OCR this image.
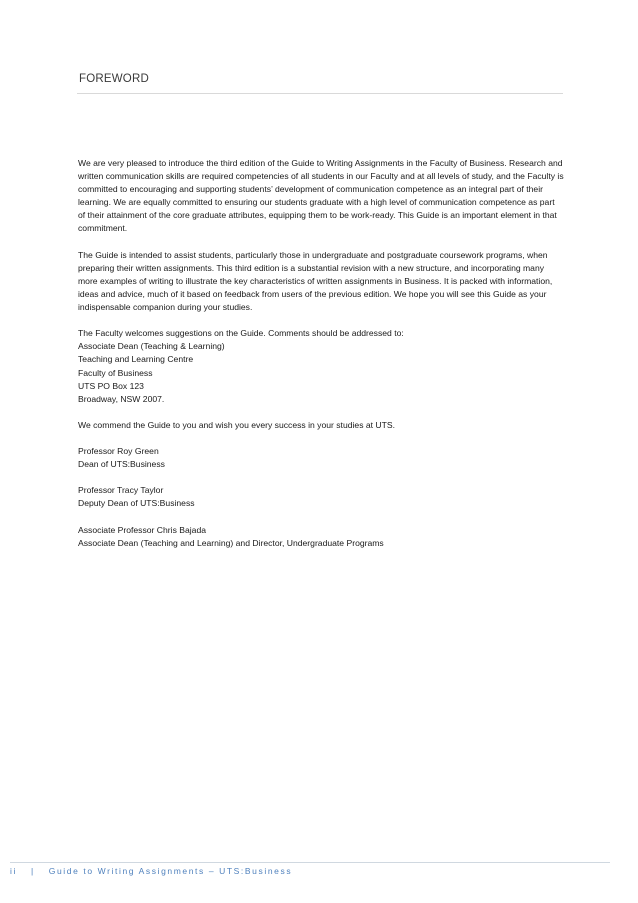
FOREWORD

We are very pleased to introduce the third edition of the Guide to Writing Assignments in the Faculty of Business. Research and written communication skills are required competencies of all students in our Faculty and at all levels of study, and the Faculty is committed to encouraging and supporting students’ development of communication competence as an integral part of their learning. We are equally committed to ensuring our students graduate with a high level of communication competence as part of their attainment of the core graduate attributes, equipping them to be work-ready. This Guide is an important element in that commitment.

The Guide is intended to assist students, particularly those in undergraduate and postgraduate coursework programs, when preparing their written assignments. This third edition is a substantial revision with a new structure, and incorporating many more examples of writing to illustrate the key characteristics of written assignments in Business. It is packed with information, ideas and advice, much of it based on feedback from users of the previous edition. We hope you will see this Guide as your indispensable companion during your studies.

The Faculty welcomes suggestions on the Guide. Comments should be addressed to:

Associate Dean (Teaching & Learning)

Teaching and Learning Centre

Faculty of Business

UTS PO Box 123

Broadway, NSW 2007.

We commend the Guide to you and wish you every success in your studies at UTS.

Professor Roy Green

Dean of UTS:Business

Professor Tracy Taylor

Deputy Dean of UTS:Business

Associate Professor Chris Bajada

Associate Dean (Teaching and Learning) and Director, Undergraduate Programs

ii | Guide to Writing Assignments – UTS:Business
